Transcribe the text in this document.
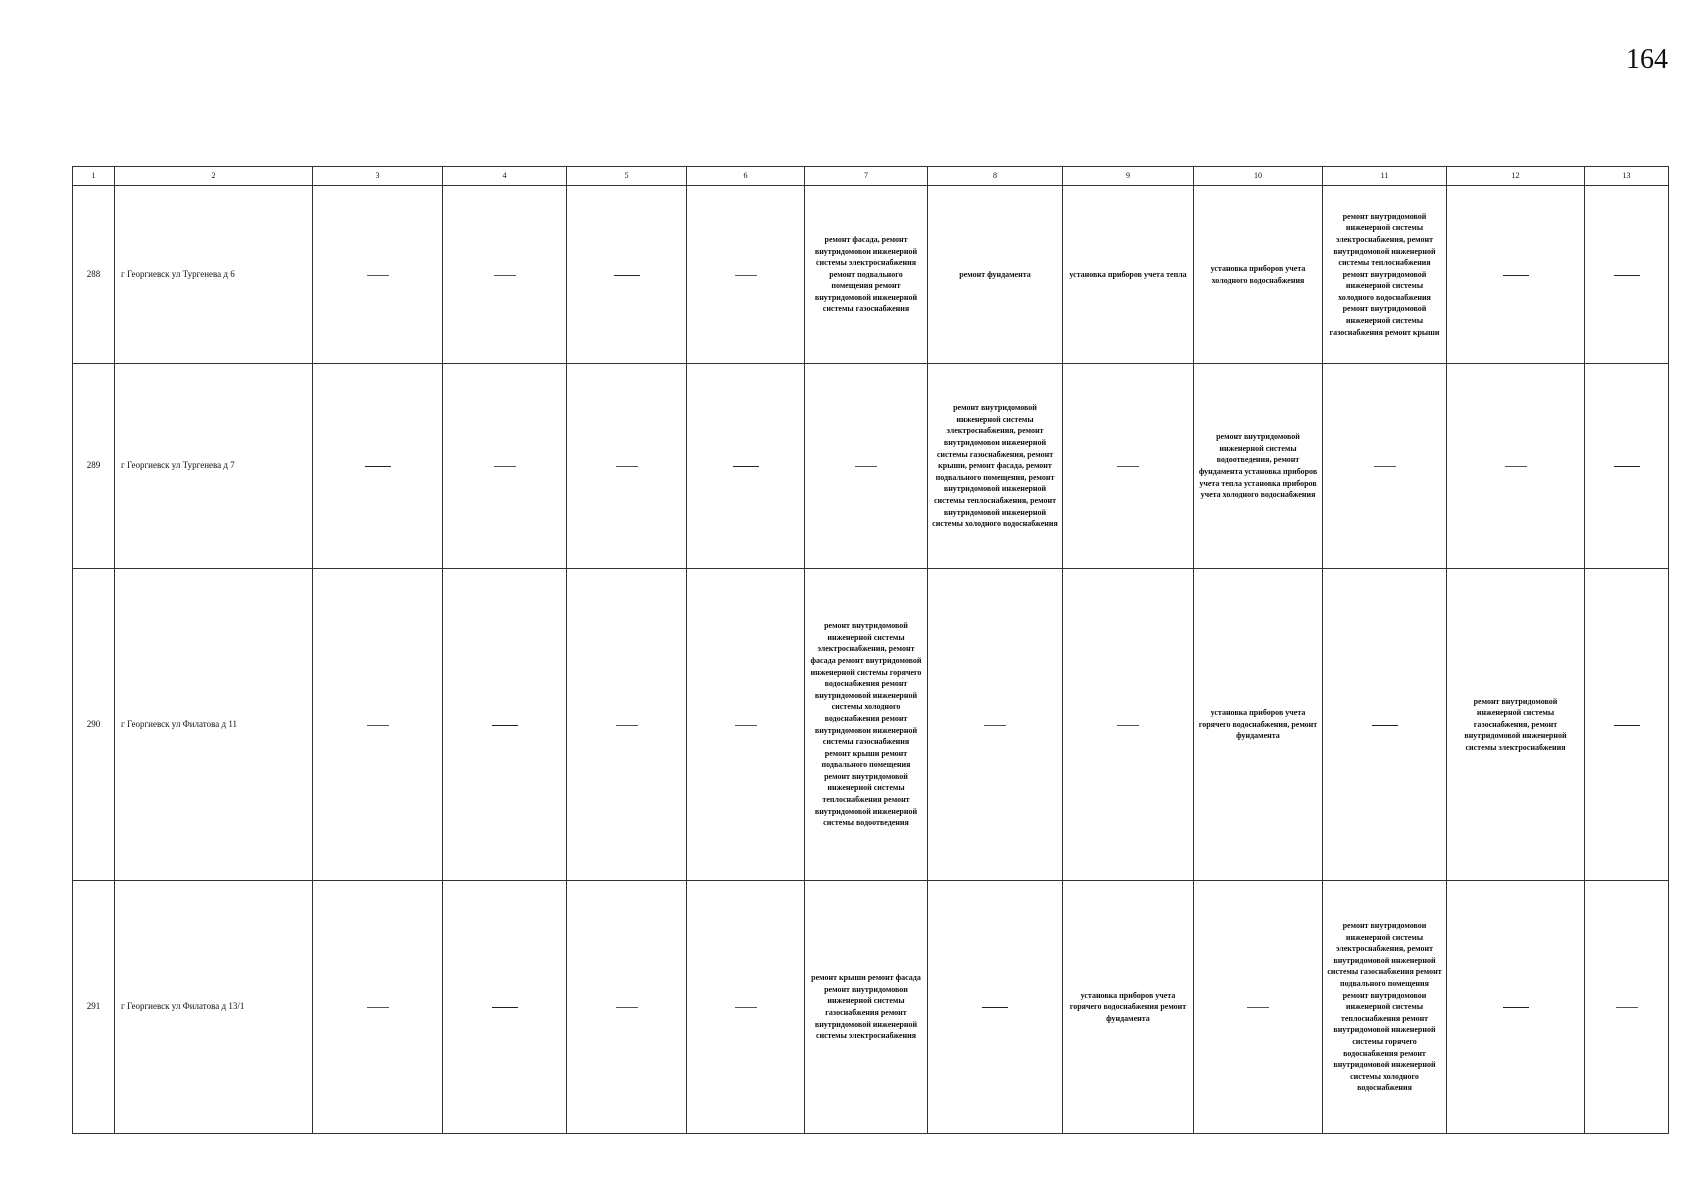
164
1	2	3	4	5	6	7	8	9	10	11	12	13
288	г Георгиевск ул Тургенева д 6					ремонт фасада, ремонт внутридомовои инженерной системы электроснабжения ремонт подвального помещения ремонт внутридомовой инженерной системы газоснабжения	ремонт фундамента	установка приборов учета тепла	установка приборов учета холодного водоснабжения	ремонт внутридомовой инженерной системы электроснабжения, ремонт внутридомовой инженерной системы теплоснабжения ремонт внутридомовой инженерной системы холодного водоснабжения ремонт внутридомовой инженерной системы газоснабжения ремонт крыши		
289	г Георгиевск ул Тургенева д 7						ремонт внутридомовой инженерной системы электроснабжения, ремонт внутридомовои инженерной системы газоснабжения, ремонт крыши, ремонт фасада, ремонт подвального помещения, ремонт внутридомовой инженерной системы теплоснабжения, ремонт внутридомовой инженерной системы холодного водоснабжения		ремонт внутридомовой инженерной системы водоотведения, ремонт фундамента установка приборов учета тепла установка приборов учета холодного водоснабжения			
290	г Георгиевск ул Филатова д 11					ремонт внутридомовой инженерной системы электроснабжения, ремонт фасада ремонт внутридомовой инженерной системы горячего водоснабжения ремонт внутридомовой инженерной системы холодного водоснабжения ремонт внутридомовои инженерной системы газоснабжения ремонт крыши ремонт подвального помещения ремонт внутридомовой инженерной системы теплоснабжения ремонт внутридомовой инженерной системы водоотведения			установка приборов учета горячего водоснабжения, ремонт фундамента		ремонт внутридомовой инженерной системы газоснабжения, ремонт внутридомовой инженерной системы электроснабжения	
291	г Георгиевск ул Филатова д 13/1					ремонт крыши ремонт фасада ремонт внутридомовои инженерной системы газоснабжения ремонт внутридомовой инженерной системы электроснабжения		установка приборов учета горячего водоснабжения ремонт фундамента		ремонт внутридомовои инженерной системы электроснабжения, ремонт внутридомовой инженерной системы газоснабжения ремонт подвального помещения ремонт внутридомовои инженерной системы теплоснабжения ремонт внутридомовой инженерной системы горячего водоснабжения ремонт внутридомовой инженерной системы холодного водоснабжения		
